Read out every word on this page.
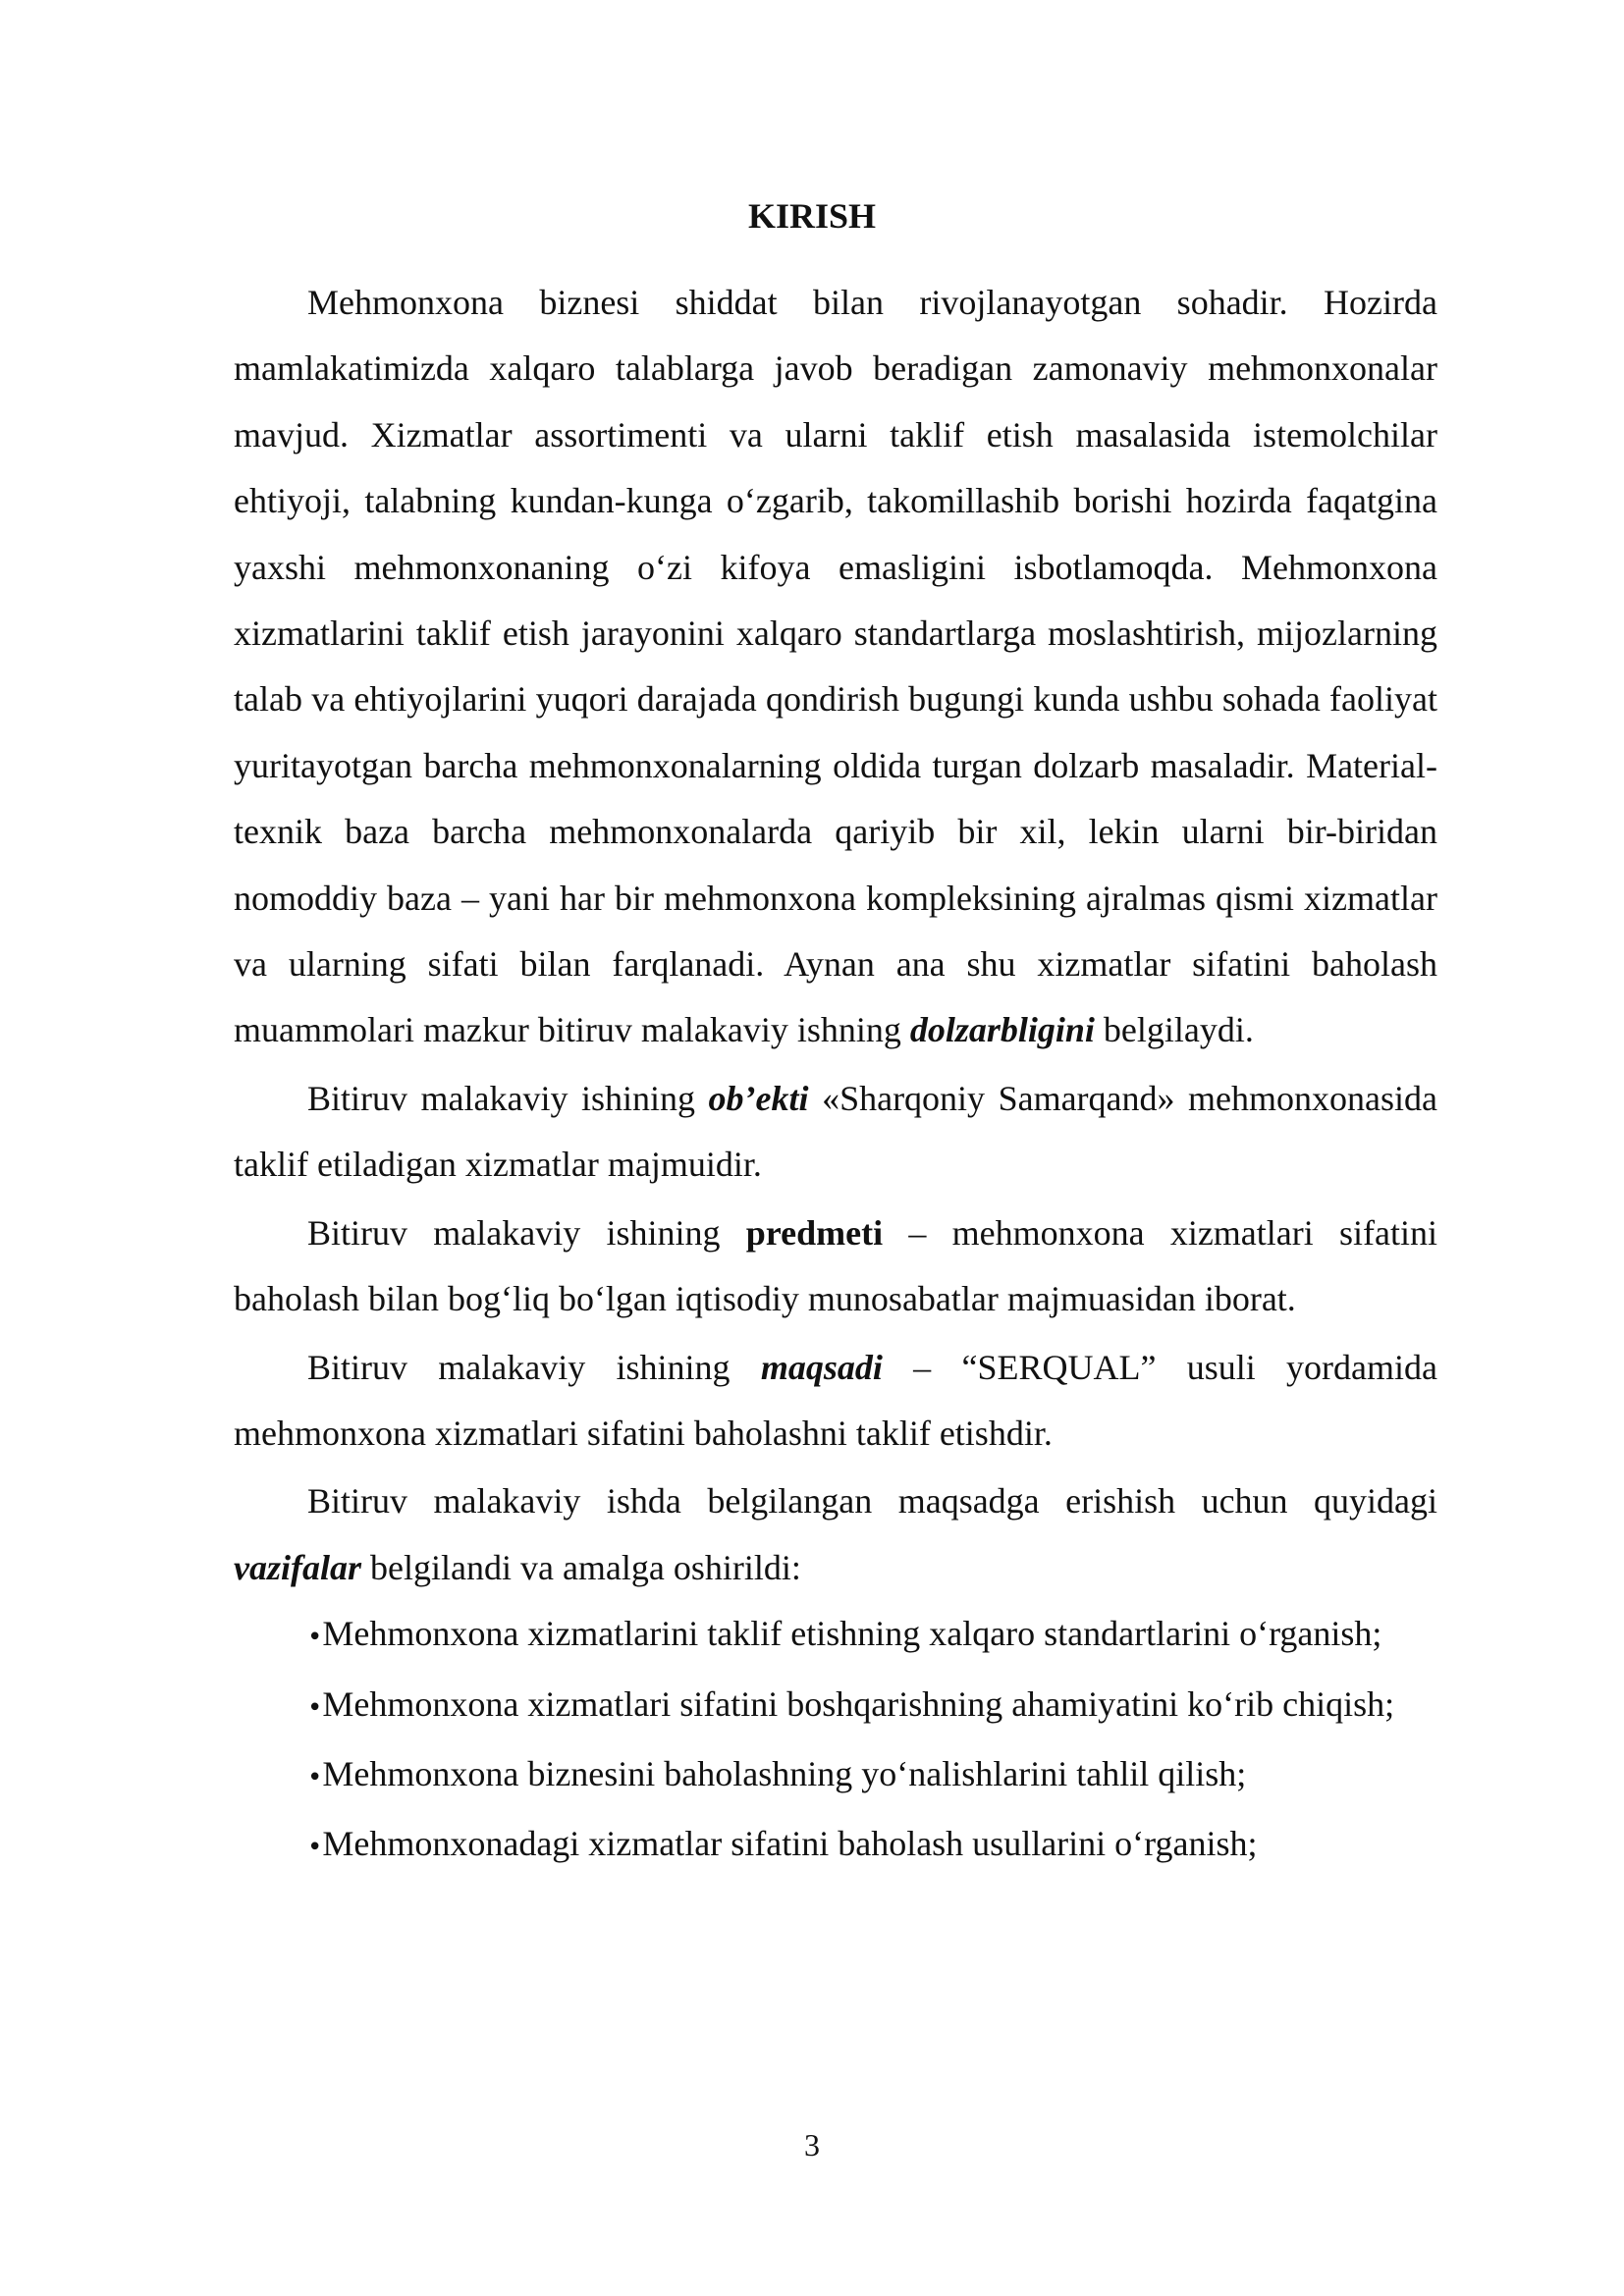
KIRISH

Mehmonxona biznesi shiddat bilan rivojlanayotgan sohadir. Hozirda mamlakatimizda xalqaro talablarga javob beradigan zamonaviy mehmonxonalar mavjud. Xizmatlar assortimenti va ularni taklif etish masalasida istemolchilar ehtiyoji, talabning kundan-kunga o‘zgarib, takomillashib borishi hozirda faqatgina yaxshi mehmonxonaning o‘zi kifoya emasligini isbotlamoqda. Mehmonxona xizmatlarini taklif etish jarayonini xalqaro standartlarga moslashtirish, mijozlarning talab va ehtiyojlarini yuqori darajada qondirish bugungi kunda ushbu sohada faoliyat yuritayotgan barcha mehmonxonalarning oldida turgan dolzarb masaladir. Material-texnik baza barcha mehmonxonalarda qariyib bir xil, lekin ularni bir-biridan nomoddiy baza – yani har bir mehmonxona kompleksining ajralmas qismi xizmatlar va ularning sifati bilan farqlanadi. Aynan ana shu xizmatlar sifatini baholash muammolari mazkur bitiruv malakaviy ishning dolzarbligini belgilaydi.

Bitiruv malakaviy ishining ob’ekti «Sharqoniy Samarqand» mehmonxonasida taklif etiladigan xizmatlar majmuidir.

Bitiruv malakaviy ishining predmeti – mehmonxona xizmatlari sifatini baholash bilan bog‘liq bo‘lgan iqtisodiy munosabatlar majmuasidan iborat.

Bitiruv malakaviy ishining maqsadi – “SERQUAL” usuli yordamida mehmonxona xizmatlari sifatini baholashni taklif etishdir.

Bitiruv malakaviy ishda belgilangan maqsadga erishish uchun quyidagi vazifalar belgilandi va amalga oshirildi:

•Mehmonxona xizmatlarini taklif etishning xalqaro standartlarini o‘rganish;
•Mehmonxona xizmatlari sifatini boshqarishning ahamiyatini ko‘rib chiqish;
•Mehmonxona biznesini baholashning yo‘nalishlarini tahlil qilish;
•Mehmonxonadagi xizmatlar sifatini baholash usullarini o‘rganish;
3
